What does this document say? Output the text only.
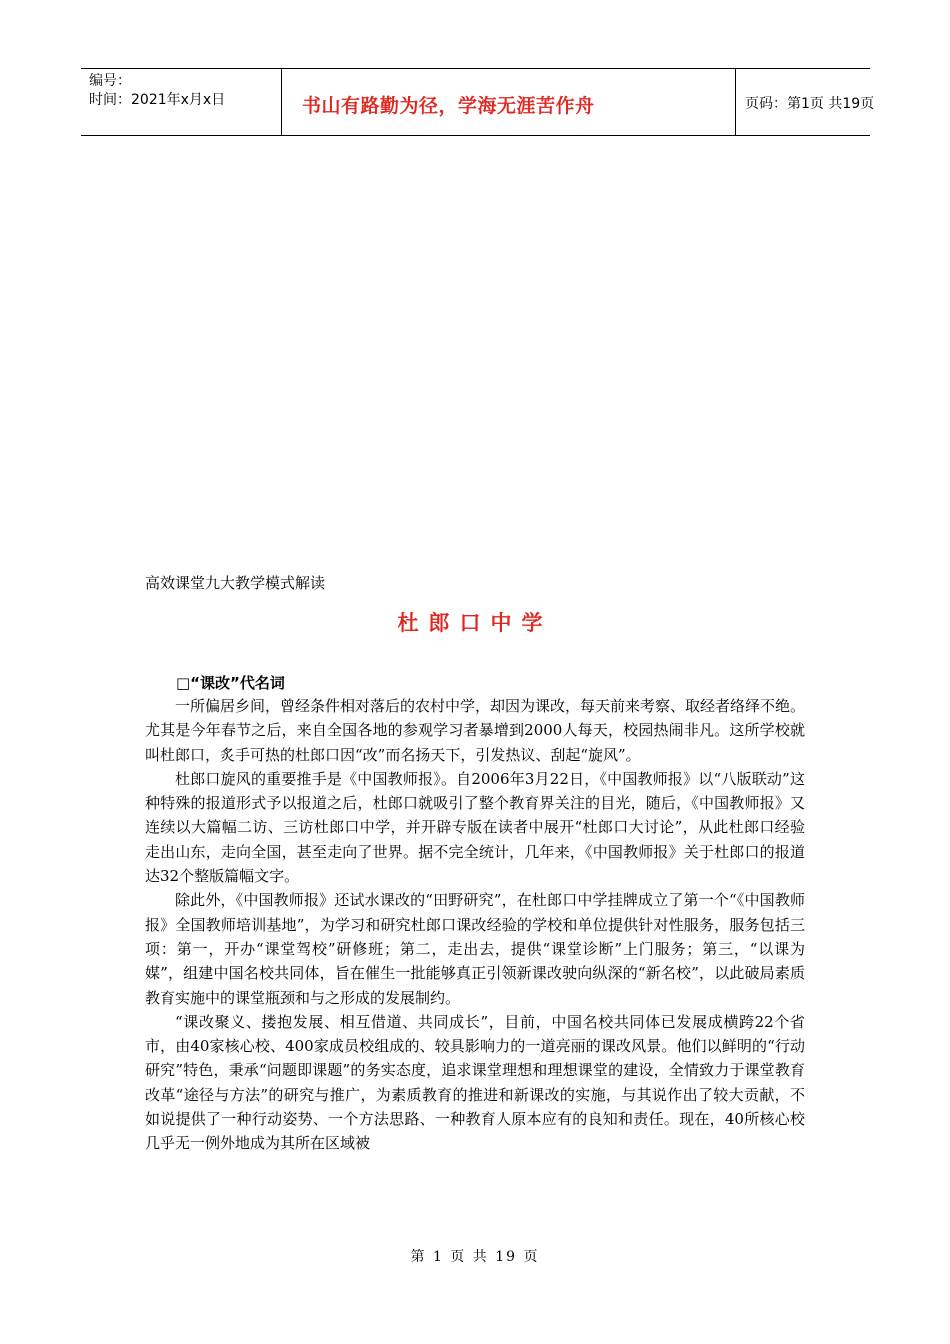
编号：
时间：2021年x月x日	书山有路勤为径，学海无涯苦作舟	页码：第1页 共19页
高效课堂九大教学模式解读
杜郎口中学
□“课改”代名词

一所偏居乡间，曾经条件相对落后的农村中学，却因为课改，每天前来考察、取经者络绎不绝。尤其是今年春节之后，来自全国各地的参观学习者暴增到2000人每天，校园热闹非凡。这所学校就叫杜郎口，炙手可热的杜郎口因“改”而名扬天下，引发热议、刮起“旋风”。

杜郎口旋风的重要推手是《中国教师报》。自2006年3月22日，《中国教师报》以“八版联动”这种特殊的报道形式予以报道之后，杜郎口就吸引了整个教育界关注的目光，随后，《中国教师报》又连续以大篇幅二访、三访杜郎口中学，并开辟专版在读者中展开“杜郎口大讨论”，从此杜郎口经验走出山东，走向全国，甚至走向了世界。据不完全统计，几年来，《中国教师报》关于杜郎口的报道达32个整版篇幅文字。

除此外，《中国教师报》还试水课改的“田野研究”，在杜郎口中学挂牌成立了第一个“《中国教师报》全国教师培训基地”，为学习和研究杜郎口课改经验的学校和单位提供针对性服务，服务包括三项：第一，开办“课堂驾校”研修班；第二，走出去，提供“课堂诊断”上门服务；第三，“以课为媒”，组建中国名校共同体，旨在催生一批能够真正引领新课改驶向纵深的“新名校”，以此破局素质教育实施中的课堂瓶颈和与之形成的发展制约。

“课改聚义、搂抱发展、相互借道、共同成长”，目前，中国名校共同体已发展成横跨22个省市，由40家核心校、400家成员校组成的、较具影响力的一道亮丽的课改风景。他们以鲜明的“行动研究”特色，秉承“问题即课题”的务实态度，追求课堂理想和理想课堂的建设，全情致力于课堂教育改革“途径与方法”的研究与推广，为素质教育的推进和新课改的实施，与其说作出了较大贡献，不如说提供了一种行动姿势、一个方法思路、一种教育人原本应有的良知和责任。现在，40所核心校几乎无一例外地成为其所在区域被

第 1 页 共 19 页
